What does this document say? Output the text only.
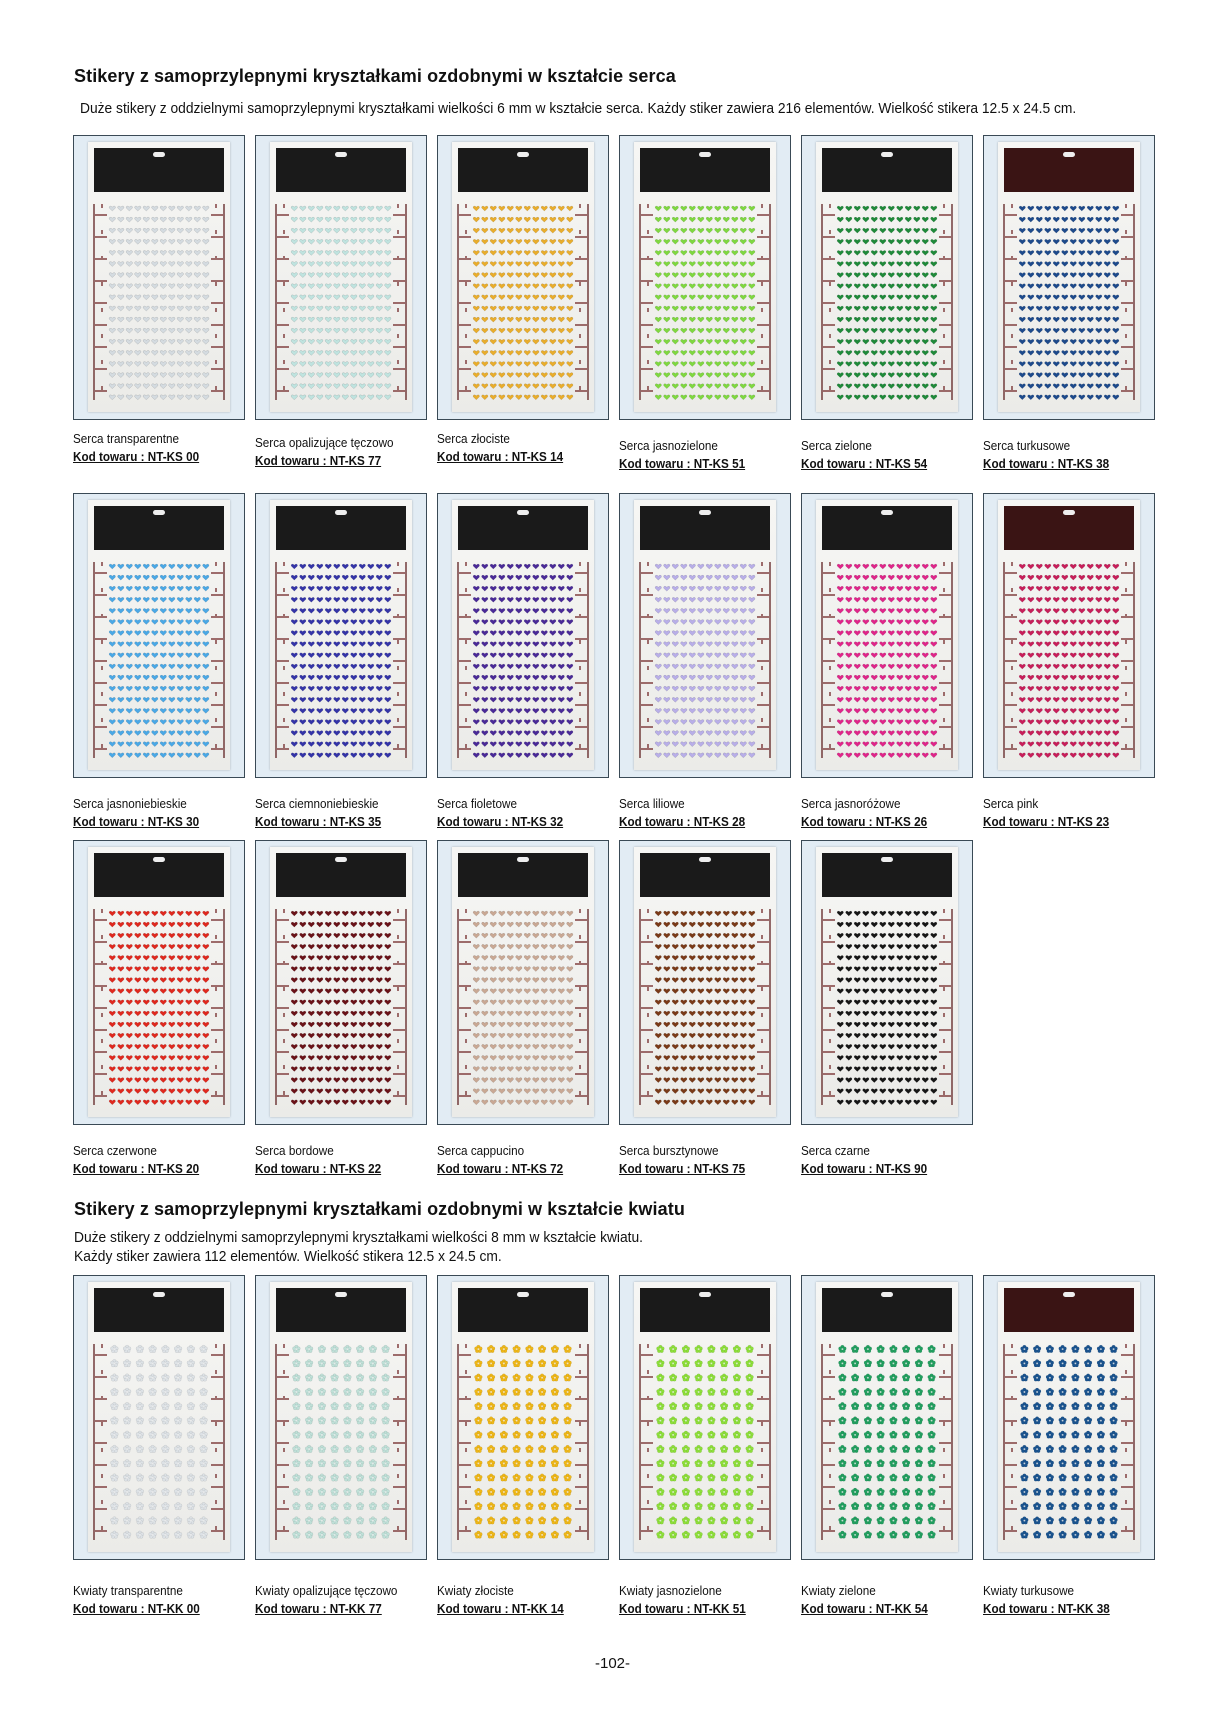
Stikery z samoprzylepnymi kryształkami ozdobnymi w kształcie serca
Duże stikery z oddzielnymi samoprzylepnymi kryształkami wielkości 6 mm w kształcie serca. Każdy stiker zawiera 216 elementów. Wielkość stikera 12.5 x 24.5 cm.
Serca transparentne
Kod towaru : NT-KS 00
Serca opalizujące tęczowo
Kod towaru : NT-KS 77
Serca złociste
Kod towaru : NT-KS 14
Serca jasnozielone
Kod towaru : NT-KS 51
Serca zielone
Kod towaru : NT-KS 54
Serca turkusowe
Kod towaru : NT-KS 38
Serca jasnoniebieskie
Kod towaru : NT-KS 30
Serca ciemnoniebieskie
Kod towaru : NT-KS 35
Serca fioletowe
Kod towaru : NT-KS 32
Serca liliowe
Kod towaru : NT-KS 28
Serca jasnoróżowe
Kod towaru : NT-KS 26
Serca pink
Kod towaru : NT-KS 23
Serca czerwone
Kod towaru : NT-KS 20
Serca bordowe
Kod towaru : NT-KS 22
Serca cappucino
Kod towaru : NT-KS 72
Serca bursztynowe
Kod towaru : NT-KS 75
Serca czarne
Kod towaru : NT-KS 90
Stikery z samoprzylepnymi kryształkami ozdobnymi w kształcie kwiatu
Duże stikery z oddzielnymi samoprzylepnymi kryształkami wielkości 8 mm w kształcie kwiatu.
Każdy stiker zawiera 112 elementów. Wielkość stikera 12.5 x 24.5 cm.
Kwiaty transparentne
Kod towaru : NT-KK 00
Kwiaty opalizujące tęczowo
Kod towaru : NT-KK 77
Kwiaty złociste
Kod towaru : NT-KK 14
Kwiaty jasnozielone
Kod towaru : NT-KK 51
Kwiaty zielone
Kod towaru : NT-KK 54
Kwiaty turkusowe
Kod towaru : NT-KK 38
-102-
